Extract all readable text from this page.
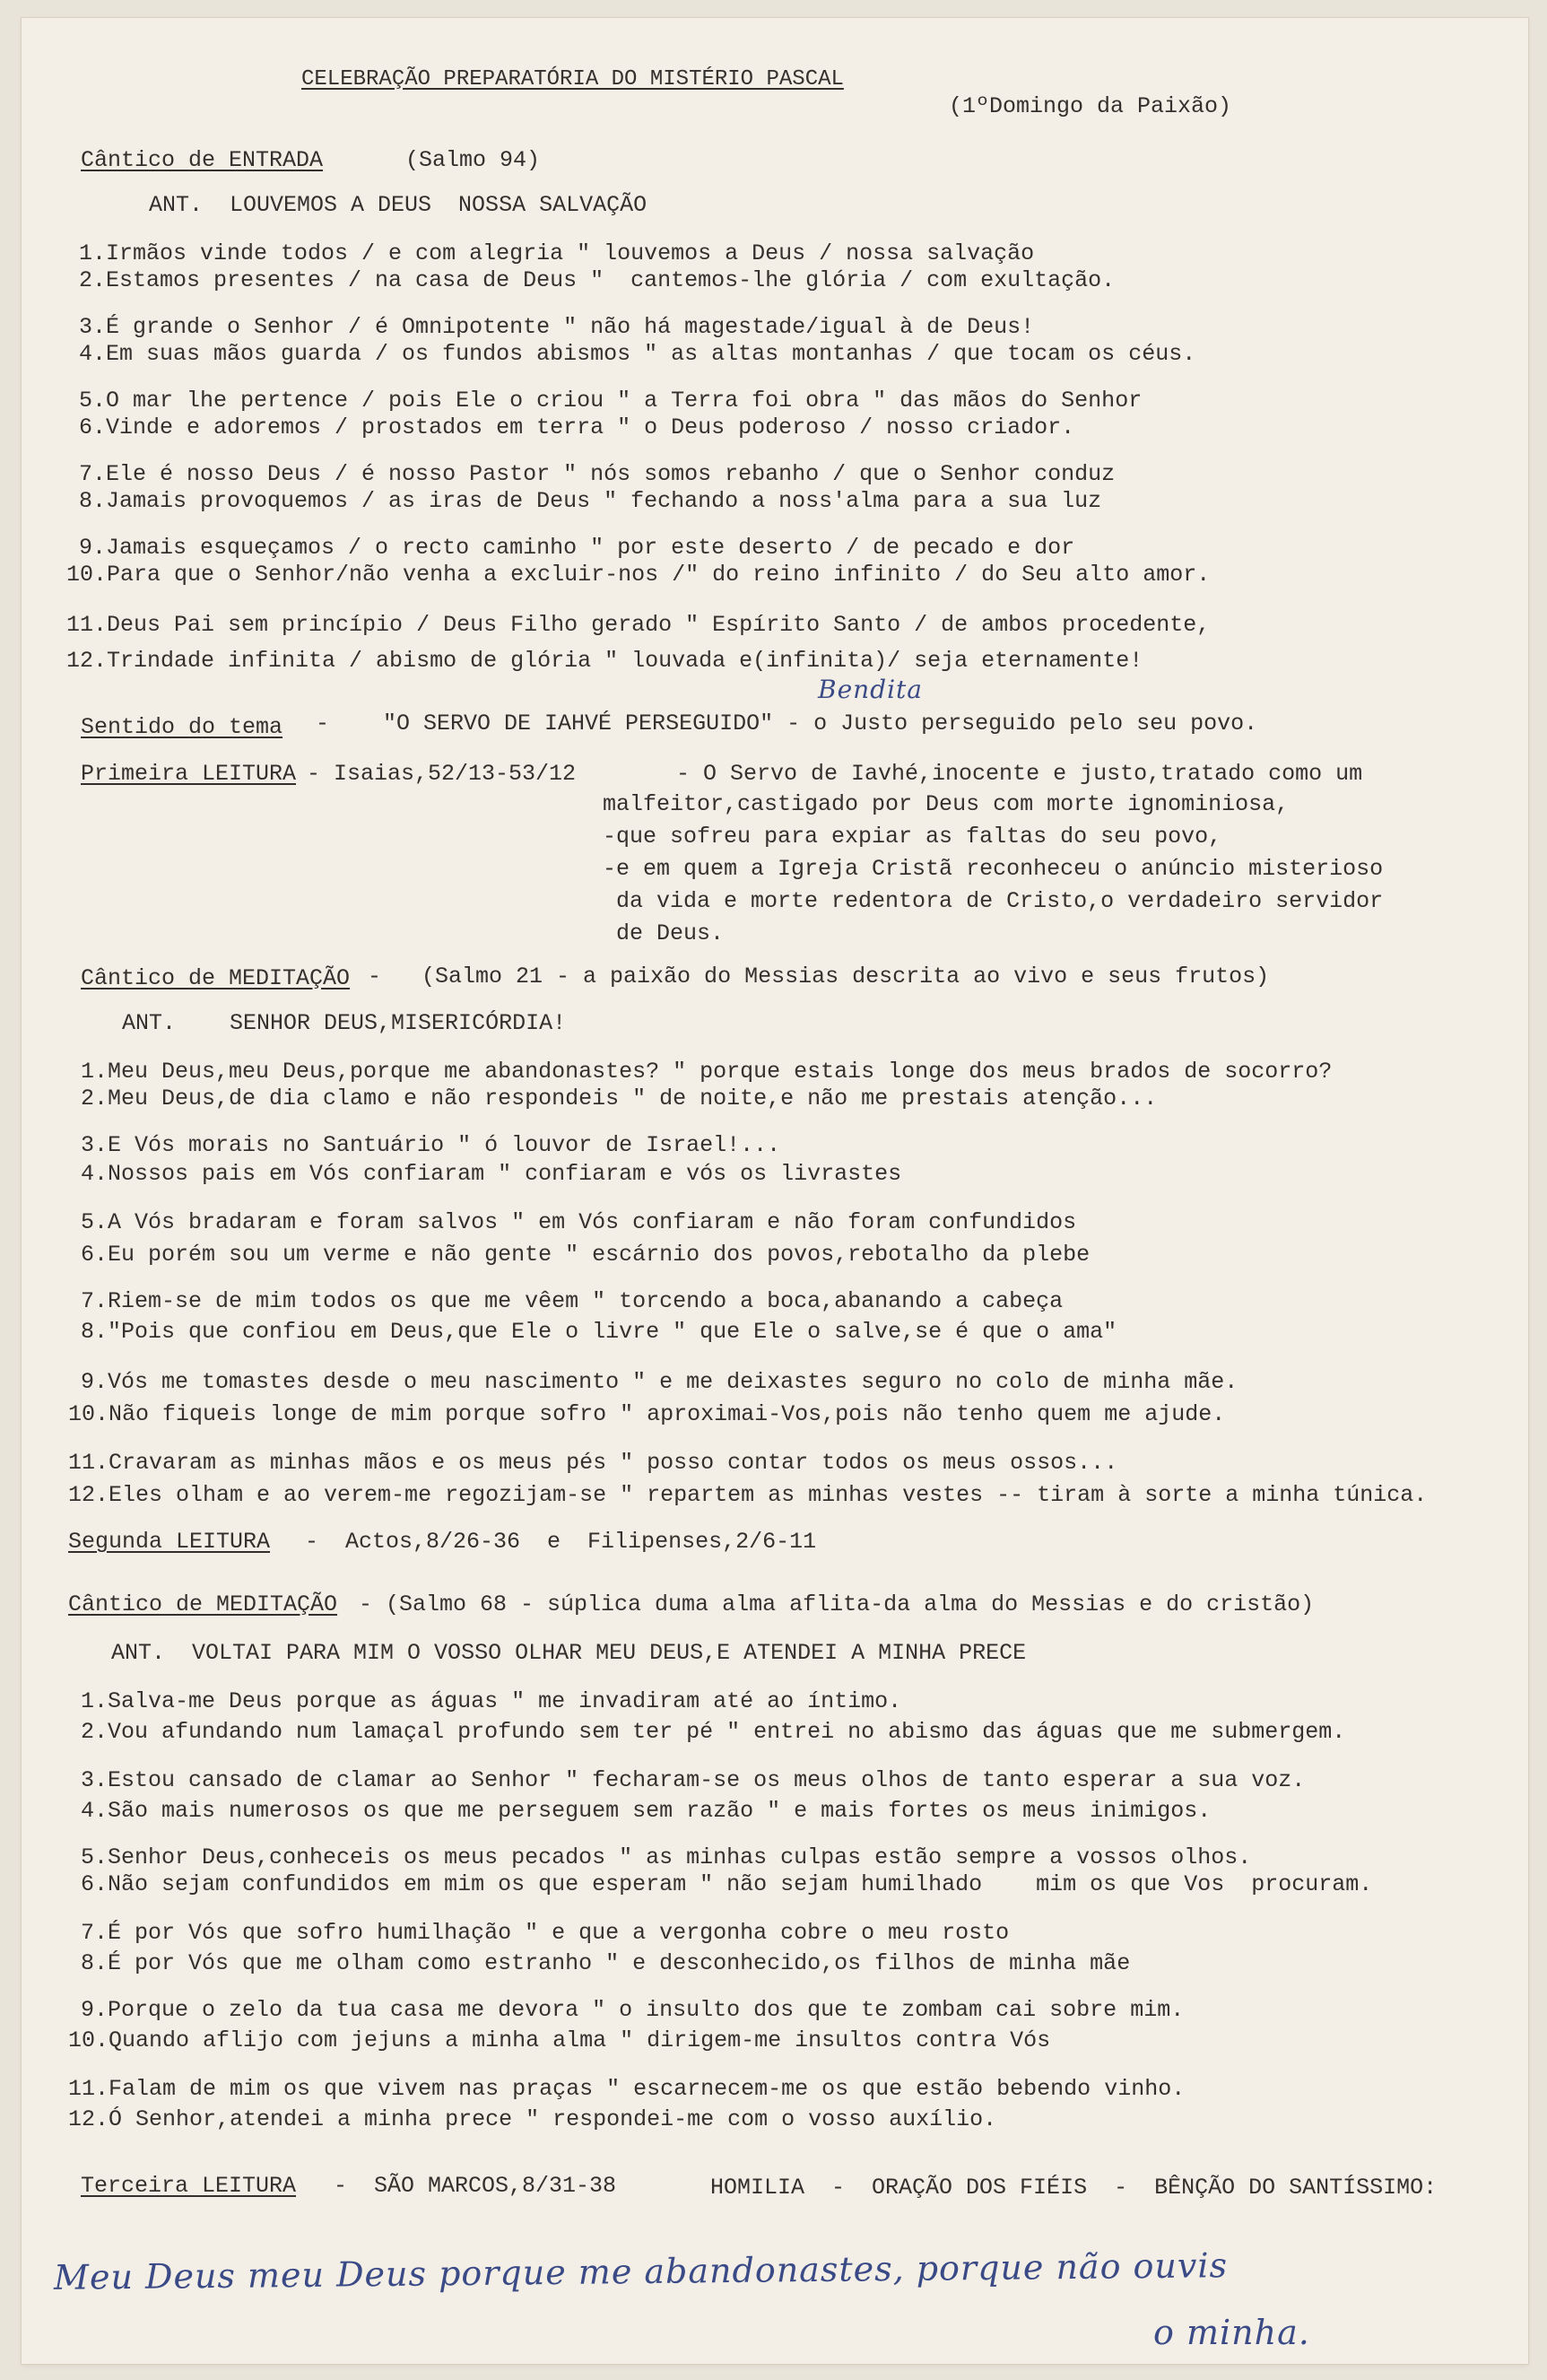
CELEBRAÇÃO PREPARATÓRIA DO MISTÉRIO PASCAL
(1ºDomingo da Paixão)
Cântico de ENTRADA	(Salmo 94)
ANT.  LOUVEMOS A DEUS  NOSSA SALVAÇÃO
1.Irmãos vinde todos / e com alegria " louvemos a Deus / nossa salvação
2.Estamos presentes / na casa de Deus "  cantemos-lhe glória / com exultação.
3.É grande o Senhor / é Omnipotente " não há magestade/igual à de Deus!
4.Em suas mãos guarda / os fundos abismos " as altas montanhas / que tocam os céus.
5.O mar lhe pertence / pois Ele o criou " a Terra foi obra " das mãos do Senhor
6.Vinde e adoremos / prostados em terra " o Deus poderoso / nosso criador.
7.Ele é nosso Deus / é nosso Pastor " nós somos rebanho / que o Senhor conduz
8.Jamais provoquemos / as iras de Deus " fechando a noss'alma para a sua luz
9.Jamais esqueçamos / o recto caminho " por este deserto / de pecado e dor
10.Para que o Senhor/não venha a excluir-nos /" do reino infinito / do Seu alto amor.
11.Deus Pai sem princípio / Deus Filho gerado " Espírito Santo / de ambos procedente,
12.Trindade infinita / abismo de glória " louvada e(infinita)/ seja eternamente!
Bendita
Sentido do tema -    "O SERVO DE IAHVÉ PERSEGUIDO" - o Justo perseguido pelo seu povo.
Primeira LEITURA - Isaias,52/13-53/12	- O Servo de Iavhé,inocente e justo,tratado como um
malfeitor,castigado por Deus com morte ignominiosa,
-que sofreu para expiar as faltas do seu povo,
-e em quem a Igreja Cristã reconheceu o anúncio misterioso
da vida e morte redentora de Cristo,o verdadeiro servidor
de Deus.
Cântico de MEDITAÇÃO -   (Salmo 21 - a paixão do Messias descrita ao vivo e seus frutos)
ANT.    SENHOR DEUS,MISERICÓRDIA!
1.Meu Deus,meu Deus,porque me abandonastes? " porque estais longe dos meus brados de socorro?
2.Meu Deus,de dia clamo e não respondeis " de noite,e não me prestais atenção...
3.E Vós morais no Santuário " ó louvor de Israel!...
4.Nossos pais em Vós confiaram " confiaram e vós os livrastes
5.A Vós bradaram e foram salvos " em Vós confiaram e não foram confundidos
6.Eu porém sou um verme e não gente " escárnio dos povos,rebotalho da plebe
7.Riem-se de mim todos os que me vêem " torcendo a boca,abanando a cabeça
8."Pois que confiou em Deus,que Ele o livre " que Ele o salve,se é que o ama"
9.Vós me tomastes desde o meu nascimento " e me deixastes seguro no colo de minha mãe.
10.Não fiqueis longe de mim porque sofro " aproximai-Vos,pois não tenho quem me ajude.
11.Cravaram as minhas mãos e os meus pés " posso contar todos os meus ossos...
12.Eles olham e ao verem-me regozijam-se " repartem as minhas vestes -- tiram à sorte a minha túnica.
Segunda LEITURA -  Actos,8/26-36  e  Filipenses,2/6-11
Cântico de MEDITAÇÃO - (Salmo 68 - súplica duma alma aflita-da alma do Messias e do cristão)
ANT.  VOLTAI PARA MIM O VOSSO OLHAR MEU DEUS,E ATENDEI A MINHA PRECE
1.Salva-me Deus porque as águas " me invadiram até ao íntimo.
2.Vou afundando num lamaçal profundo sem ter pé " entrei no abismo das águas que me submergem.
3.Estou cansado de clamar ao Senhor " fecharam-se os meus olhos de tanto esperar a sua voz.
4.São mais numerosos os que me perseguem sem razão " e mais fortes os meus inimigos.
5.Senhor Deus,conheceis os meus pecados " as minhas culpas estão sempre a vossos olhos.
6.Não sejam confundidos em mim os que esperam " não sejam humilhado    mim os que Vos  procuram.
7.É por Vós que sofro humilhação " e que a vergonha cobre o meu rosto
8.É por Vós que me olham como estranho " e desconhecido,os filhos de minha mãe
9.Porque o zelo da tua casa me devora " o insulto dos que te zombam cai sobre mim.
10.Quando aflijo com jejuns a minha alma " dirigem-me insultos contra Vós
11.Falam de mim os que vivem nas praças " escarnecem-me os que estão bebendo vinho.
12.Ó Senhor,atendei a minha prece " respondei-me com o vosso auxílio.
Terceira LEITURA -  SÃO MARCOS,8/31-38	HOMILIA  -  ORAÇÃO DOS FIÉIS  -  BÊNÇÃO DO SANTÍSSIMO:
Meu Deus meu Deus porque me abandonastes, porque não ouvis
o minha.
